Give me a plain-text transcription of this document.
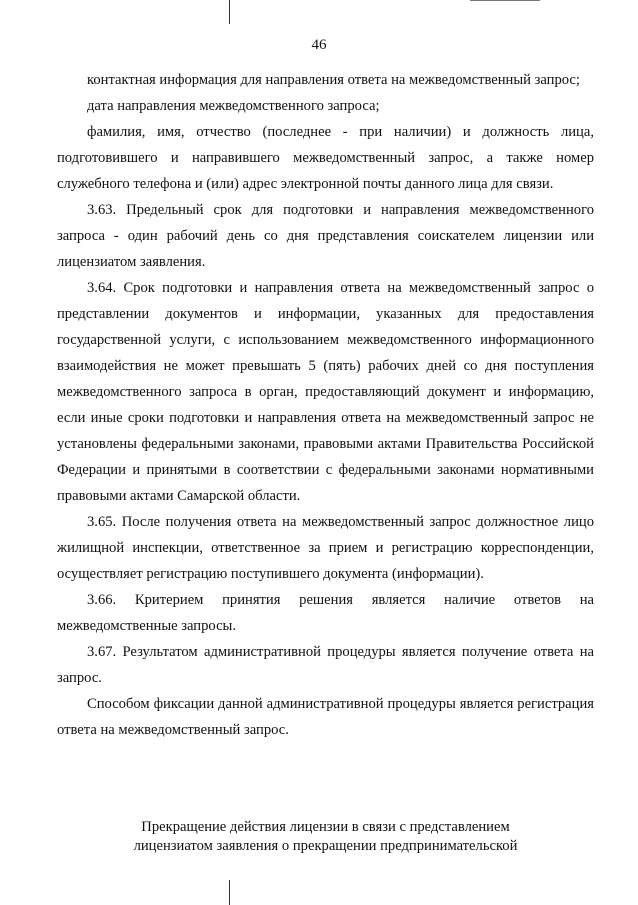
46

контактная информация для направления ответа на межведомственный запрос;

дата направления межведомственного запроса;

фамилия, имя, отчество (последнее - при наличии) и должность лица, подготовившего и направившего межведомственный запрос, а также номер служебного телефона и (или) адрес электронной почты данного лица для связи.

3.63. Предельный срок для подготовки и направления межведомственного запроса - один рабочий день со дня представления соискателем лицензии или лицензиатом заявления.

3.64. Срок подготовки и направления ответа на межведомственный запрос о представлении документов и информации, указанных для предоставления государственной услуги, с использованием межведомственного информационного взаимодействия не может превышать 5 (пять) рабочих дней со дня поступления межведомственного запроса в орган, предоставляющий документ и информацию, если иные сроки подготовки и направления ответа на межведомственный запрос не установлены федеральными законами, правовыми актами Правительства Российской Федерации и принятыми в соответствии с федеральными законами нормативными правовыми актами Самарской области.

3.65. После получения ответа на межведомственный запрос должностное лицо жилищной инспекции, ответственное за прием и регистрацию корреспонденции, осуществляет регистрацию поступившего документа (информации).

3.66. Критерием принятия решения является наличие ответов на межведомственные запросы.

3.67. Результатом административной процедуры является получение ответа на запрос.

Способом фиксации данной административной процедуры является регистрация ответа на межведомственный запрос.

Прекращение действия лицензии в связи с представлением
лицензиатом заявления о прекращении предпринимательской
